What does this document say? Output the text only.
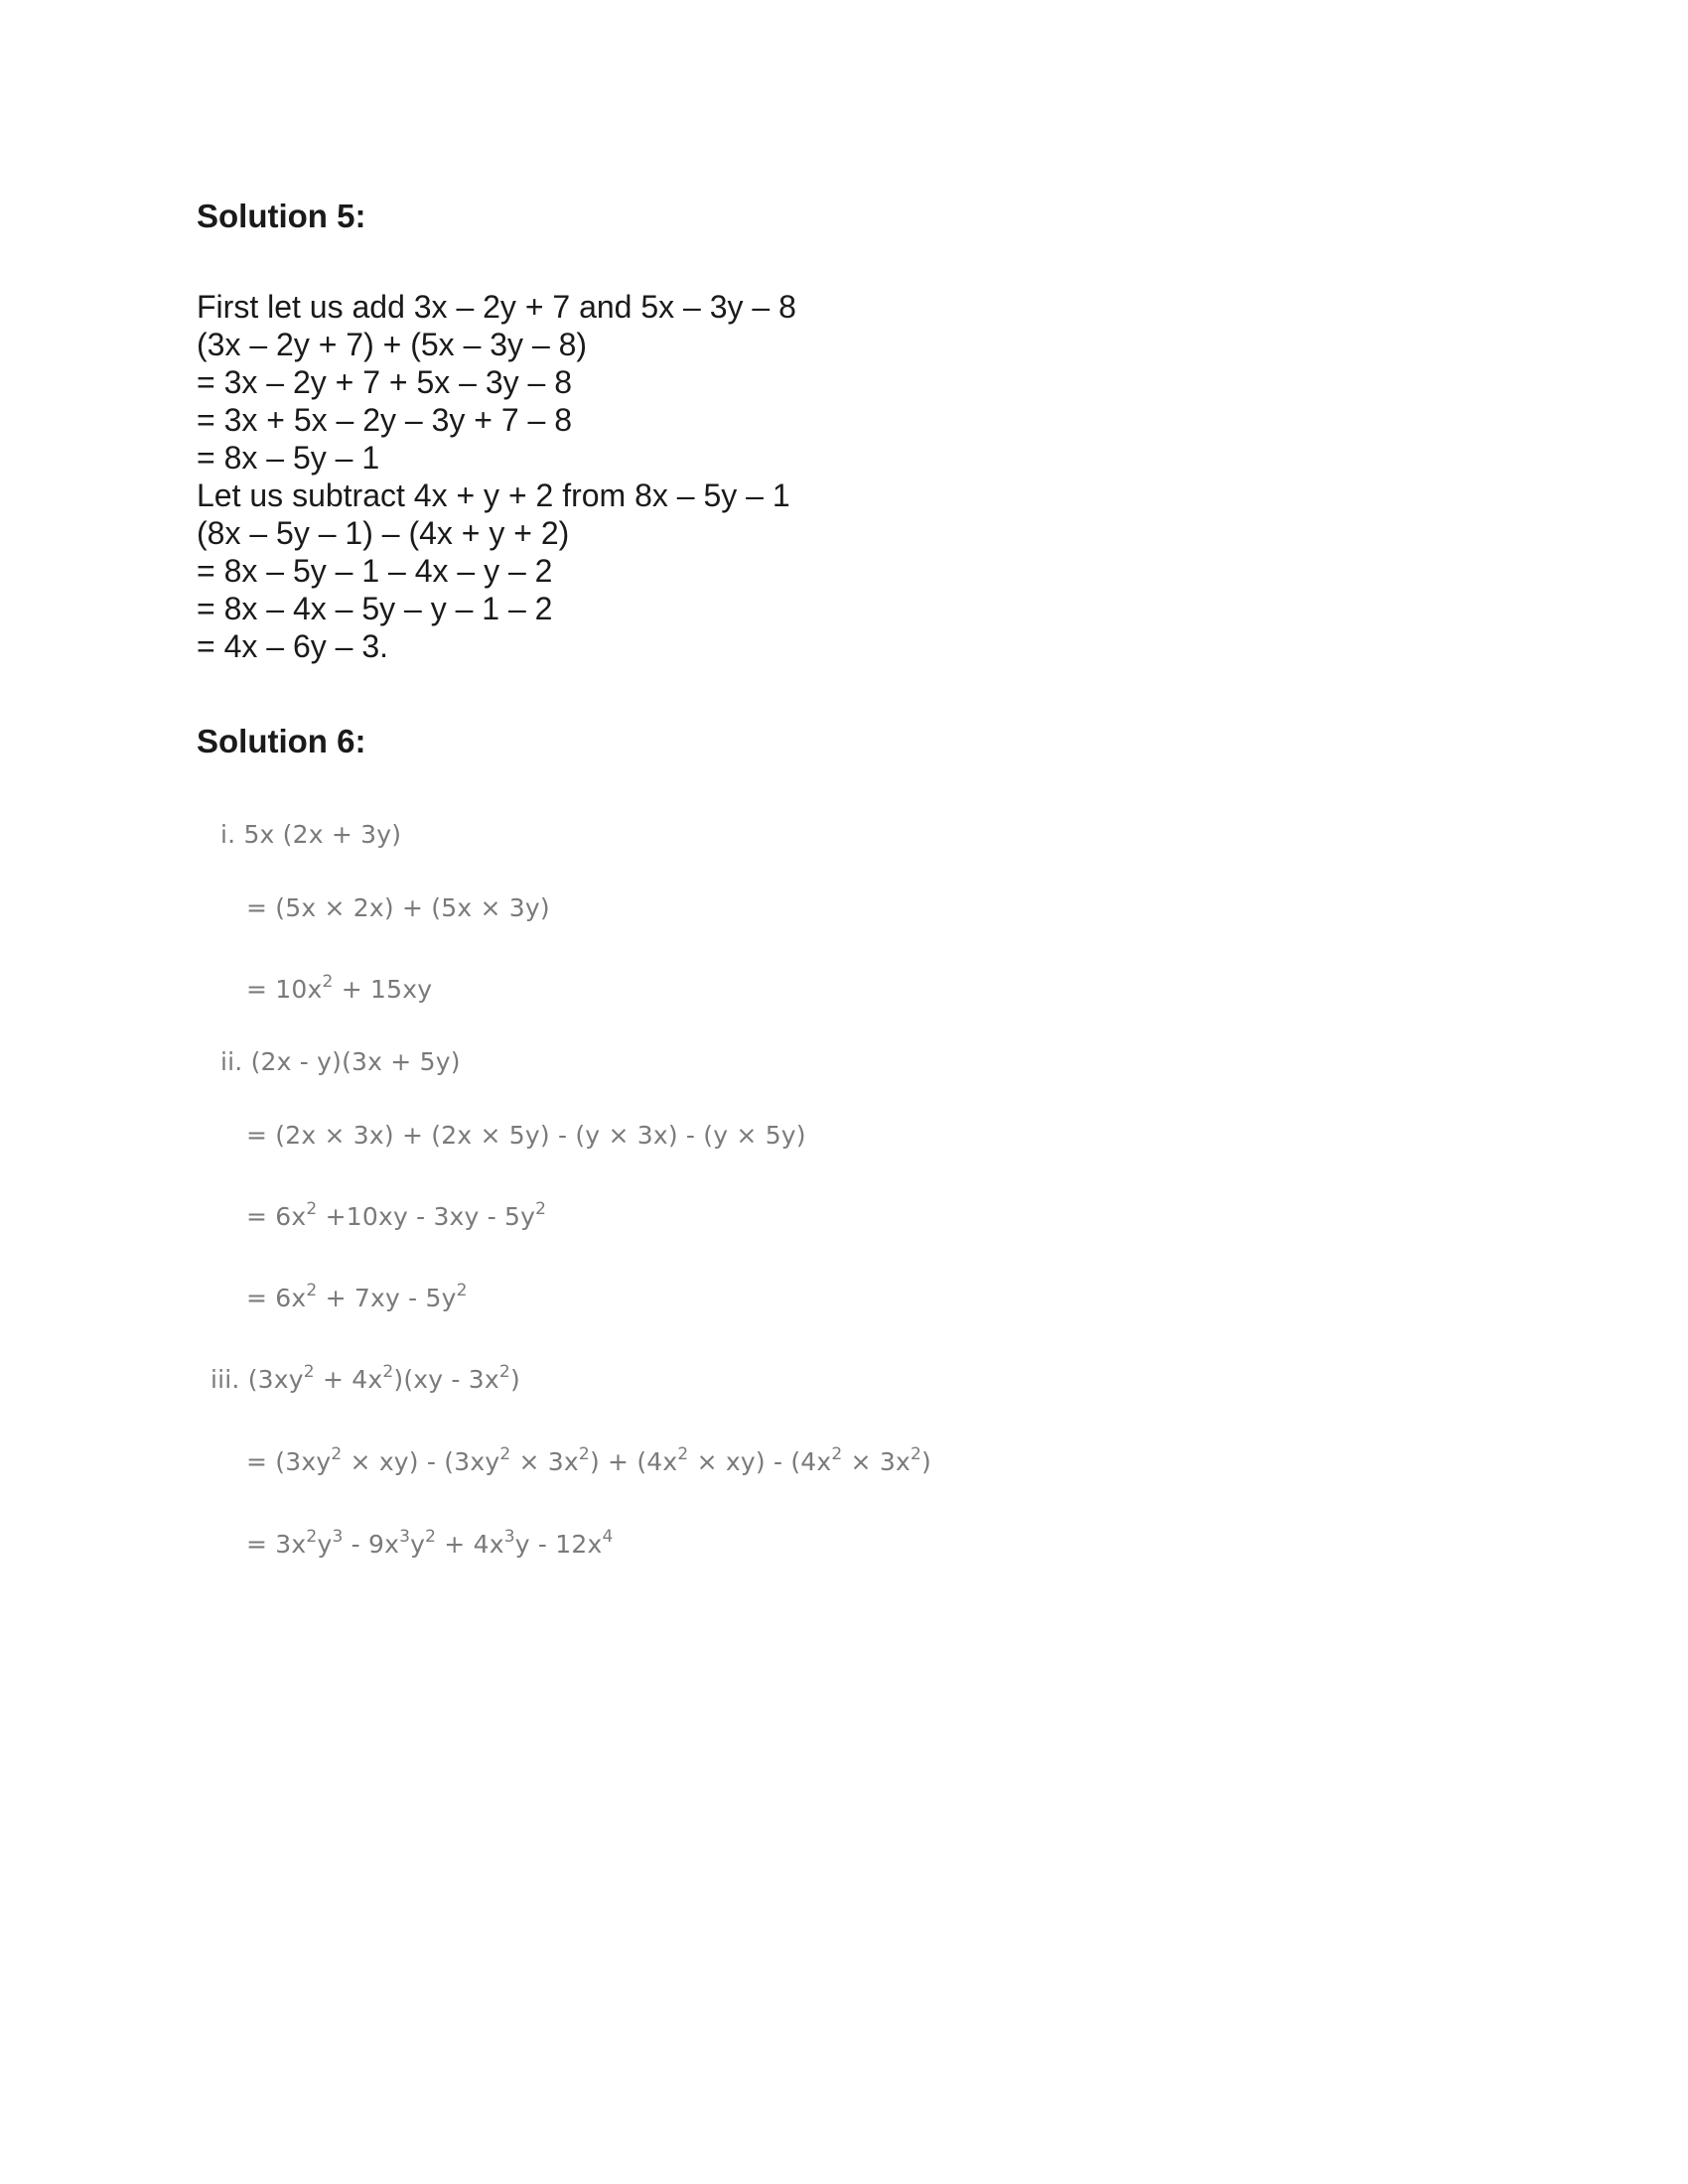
Solution 5:
First let us add 3x – 2y + 7 and 5x – 3y – 8
(3x – 2y + 7) + (5x – 3y – 8)
= 3x – 2y + 7 + 5x – 3y – 8
= 3x + 5x – 2y – 3y + 7 – 8
= 8x – 5y – 1
Let us subtract 4x + y + 2 from 8x – 5y – 1
(8x – 5y – 1) – (4x + y + 2)
= 8x – 5y – 1 – 4x – y – 2
= 8x – 4x – 5y – y – 1 – 2
= 4x – 6y – 3.
Solution 6:
i. 5x (2x + 3y)
= (5x × 2x) + (5x × 3y)
= $10x^2 + 15xy$
ii. (2x - y)(3x + 5y)
= (2x × 3x) + (2x × 5y) - (y × 3x) - (y × 5y)
= $6x^2 +10xy - 3xy - 5y^2$
= $6x^2 + 7xy - 5y^2$
iii. $(3xy^2 + 4x^2)(xy - 3x^2)$
= $(3xy^2 \times xy) - (3xy^2 \times 3x^2) + (4x^2 \times xy) - (4x^2 \times 3x^2)$
= $3x^2y^3 - 9x^3y^2 + 4x^3y - 12x^4$
